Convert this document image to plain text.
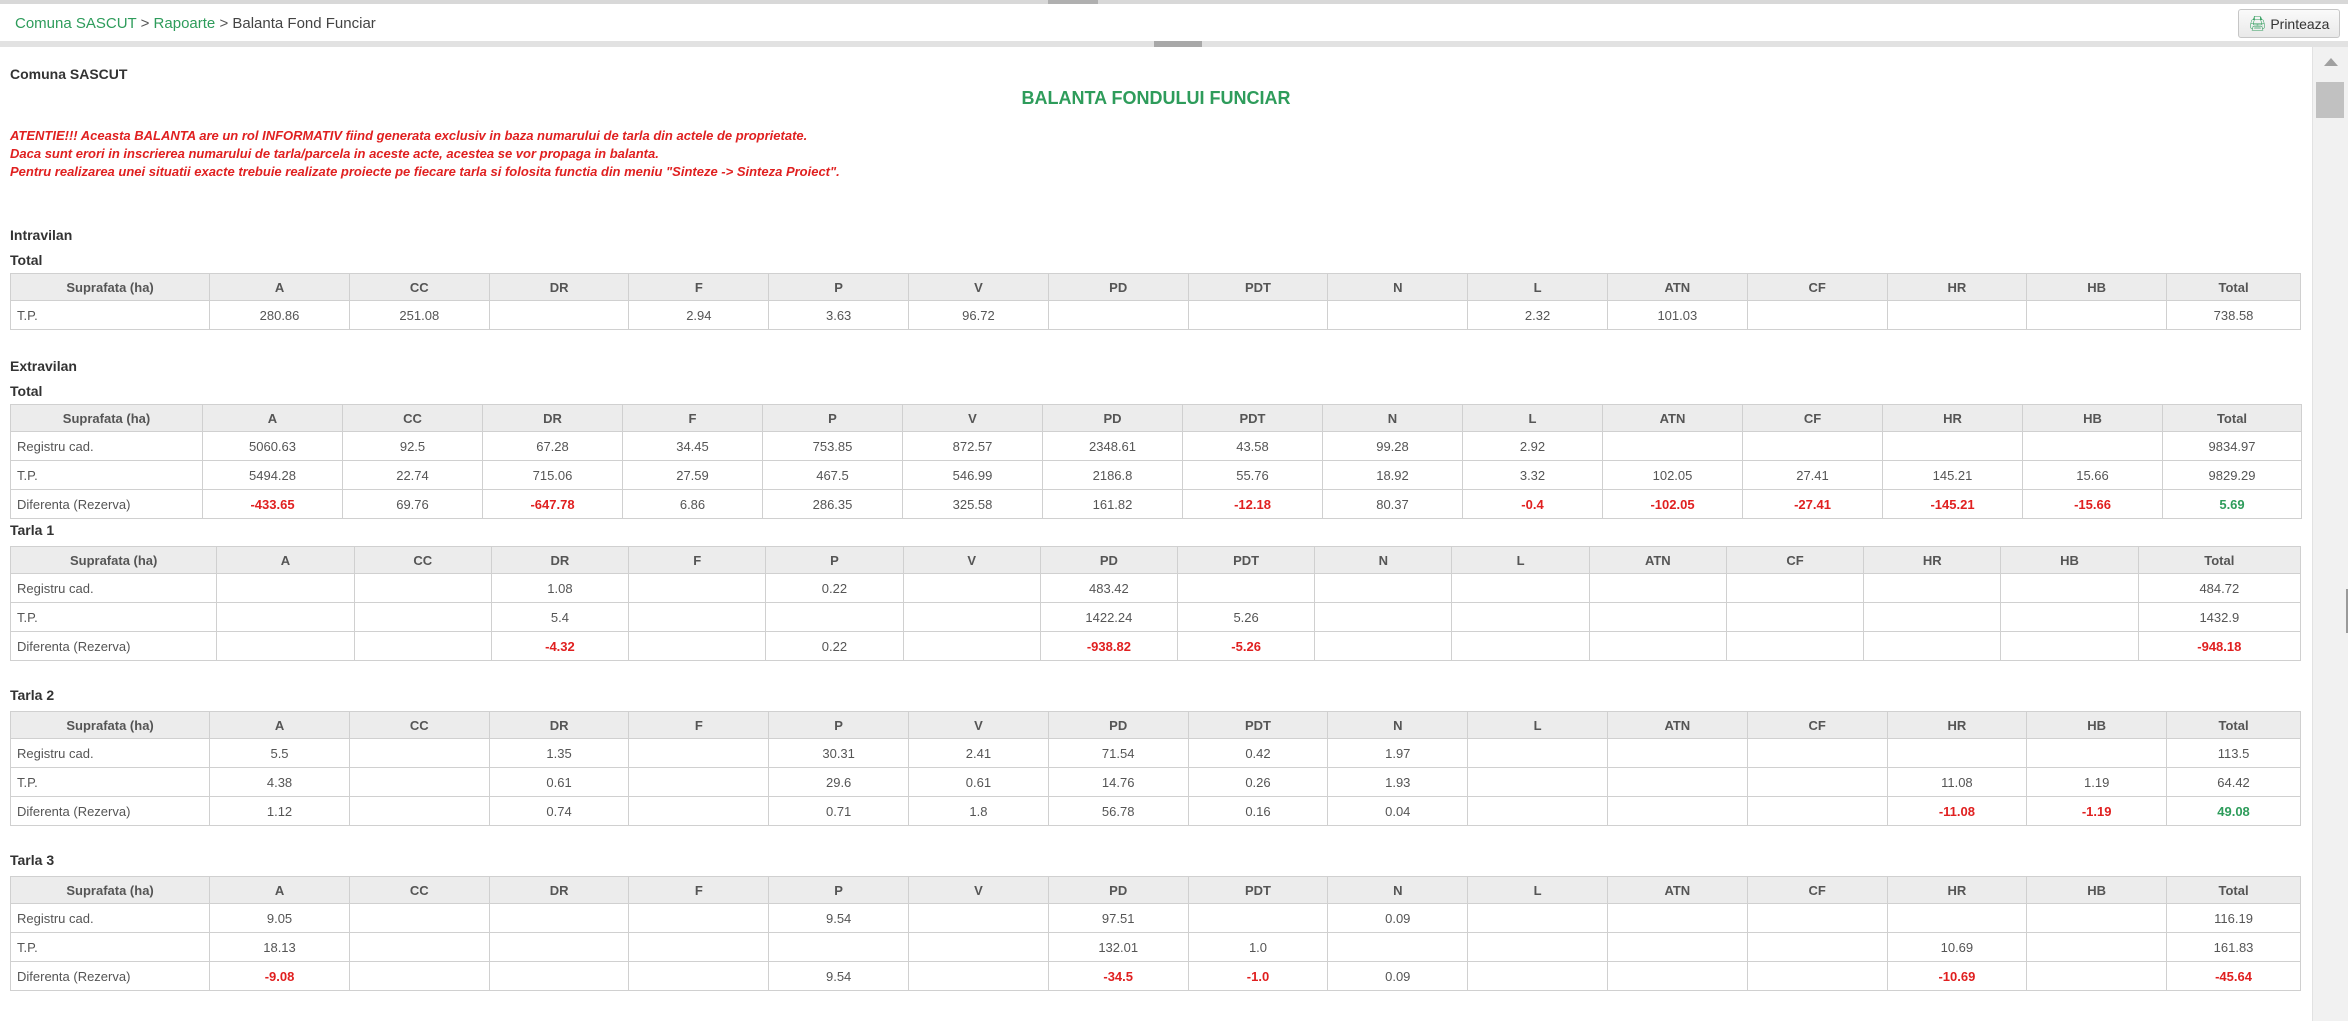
Comuna SASCUT > Rapoarte > Balanta Fond Funciar	🖨 Printeaza
Comuna SASCUT
BALANTA FONDULUI FUNCIAR
ATENTIE!!! Aceasta BALANTA are un rol INFORMATIV fiind generata exclusiv in baza numarului de tarla din actele de proprietate.
Daca sunt erori in inscrierea numarului de tarla/parcela in aceste acte, acestea se vor propaga in balanta.
Pentru realizarea unei situatii exacte trebuie realizate proiecte pe fiecare tarla si folosita functia din meniu "Sinteze -> Sinteza Proiect".
Intravilan
Total
Suprafata (ha)	A	CC	DR	F	P	V	PD	PDT	N	L	ATN	CF	HR	HB	Total
T.P.	280.86	251.08		2.94	3.63	96.72				2.32	101.03				738.58
Extravilan
Total
Suprafata (ha)	A	CC	DR	F	P	V	PD	PDT	N	L	ATN	CF	HR	HB	Total
Registru cad.	5060.63	92.5	67.28	34.45	753.85	872.57	2348.61	43.58	99.28	2.92					9834.97
T.P.	5494.28	22.74	715.06	27.59	467.5	546.99	2186.8	55.76	18.92	3.32	102.05	27.41	145.21	15.66	9829.29
Diferenta (Rezerva)	-433.65	69.76	-647.78	6.86	286.35	325.58	161.82	-12.18	80.37	-0.4	-102.05	-27.41	-145.21	-15.66	5.69
Tarla 1
Suprafata (ha)	A	CC	DR	F	P	V	PD	PDT	N	L	ATN	CF	HR	HB	Total
Registru cad.			1.08		0.22		483.42								484.72
T.P.			5.4				1422.24	5.26							1432.9
Diferenta (Rezerva)			-4.32		0.22		-938.82	-5.26							-948.18
Tarla 2
Suprafata (ha)	A	CC	DR	F	P	V	PD	PDT	N	L	ATN	CF	HR	HB	Total
Registru cad.	5.5		1.35		30.31	2.41	71.54	0.42	1.97						113.5
T.P.	4.38		0.61		29.6	0.61	14.76	0.26	1.93				11.08	1.19	64.42
Diferenta (Rezerva)	1.12		0.74		0.71	1.8	56.78	0.16	0.04				-11.08	-1.19	49.08
Tarla 3
Suprafata (ha)	A	CC	DR	F	P	V	PD	PDT	N	L	ATN	CF	HR	HB	Total
Registru cad.	9.05				9.54		97.51		0.09						116.19
T.P.	18.13						132.01	1.0					10.69		161.83
Diferenta (Rezerva)	-9.08				9.54		-34.5	-1.0	0.09				-10.69		-45.64
